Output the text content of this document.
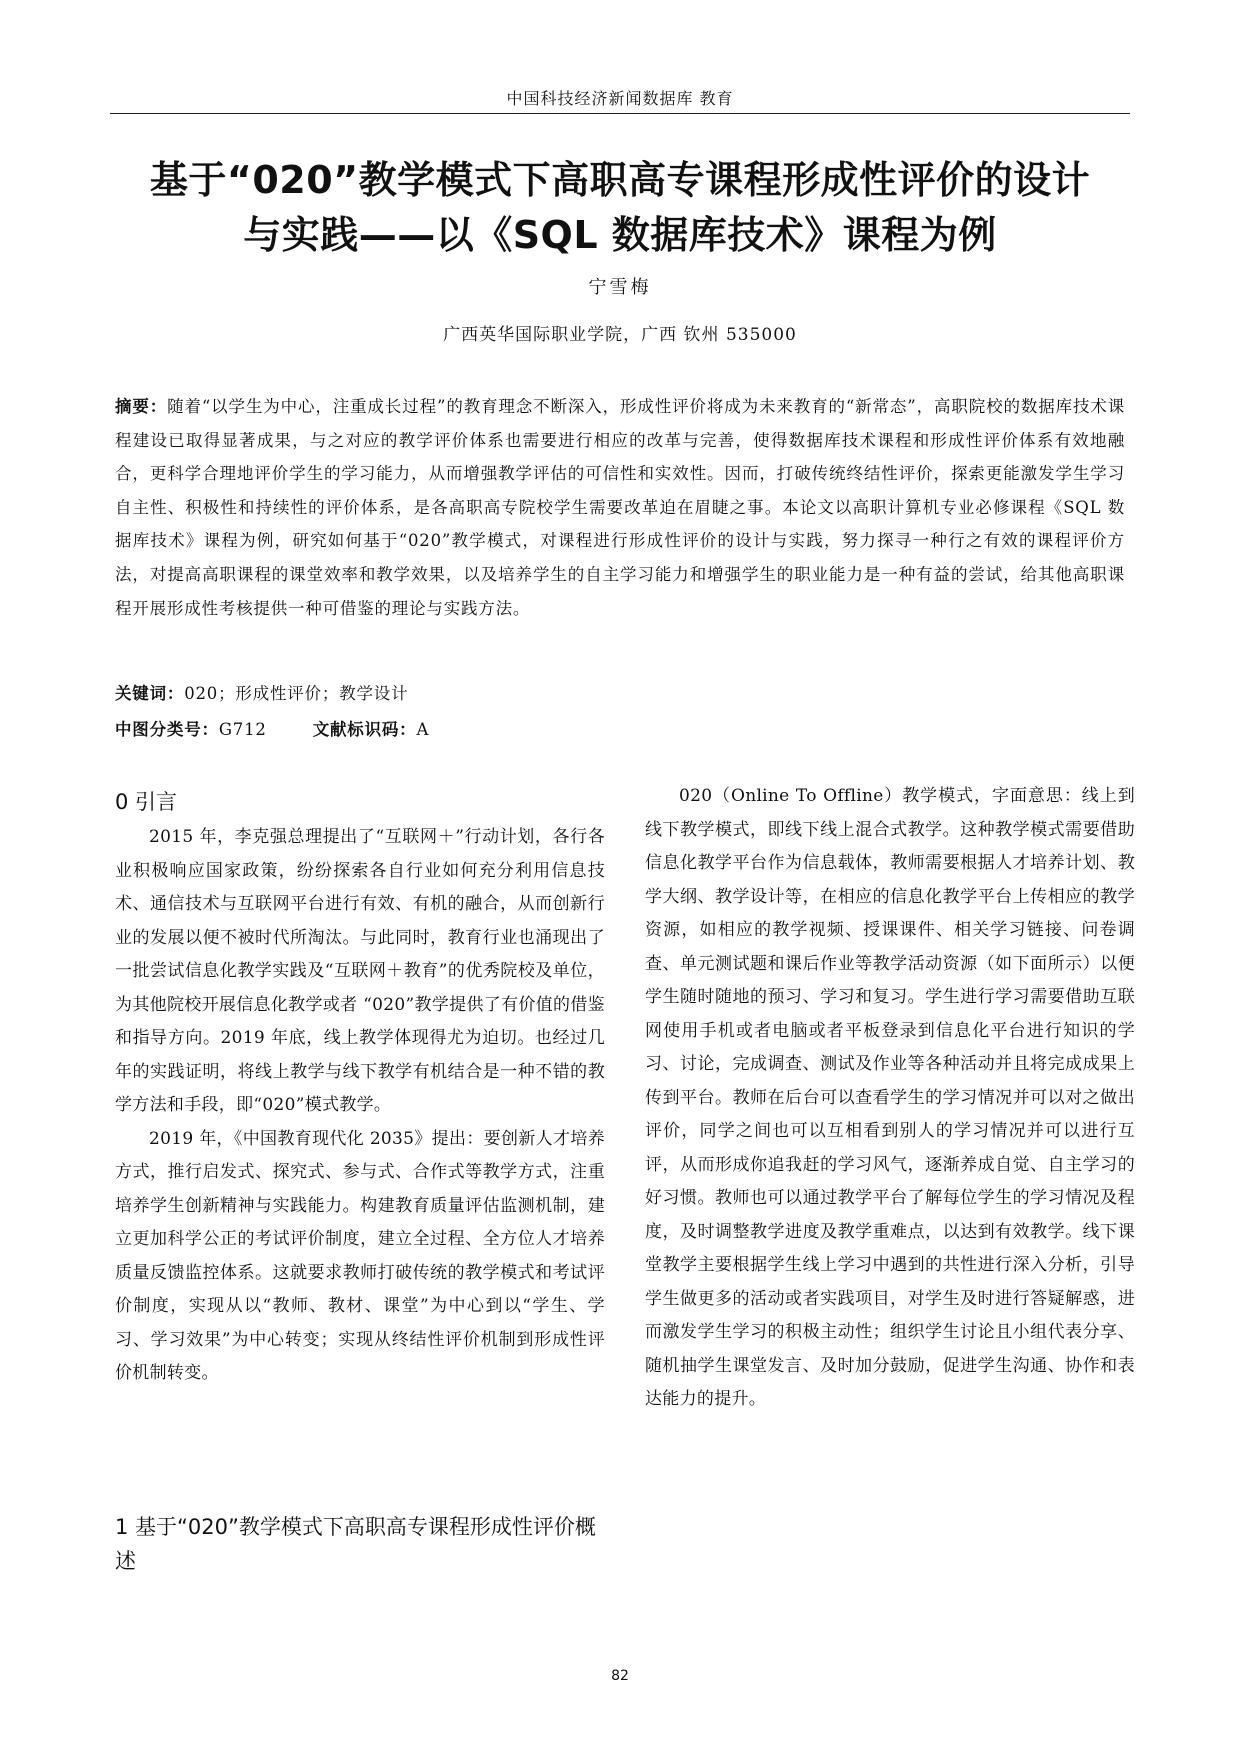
中国科技经济新闻数据库 教育
基于“020”教学模式下高职高专课程形成性评价的设计
与实践——以《SQL 数据库技术》课程为例
宁雪梅
广西英华国际职业学院，广西 钦州 535000
摘要：随着“以学生为中心，注重成长过程”的教育理念不断深入，形成性评价将成为未来教育的“新常态”，高职院校的数据库技术课程建设已取得显著成果，与之对应的教学评价体系也需要进行相应的改革与完善，使得数据库技术课程和形成性评价体系有效地融合，更科学合理地评价学生的学习能力，从而增强教学评估的可信性和实效性。因而，打破传统终结性评价，探索更能激发学生学习自主性、积极性和持续性的评价体系，是各高职高专院校学生需要改革迫在眉睫之事。本论文以高职计算机专业必修课程《SQL 数据库技术》课程为例，研究如何基于“020”教学模式，对课程进行形成性评价的设计与实践，努力探寻一种行之有效的课程评价方法，对提高高职课程的课堂效率和教学效果，以及培养学生的自主学习能力和增强学生的职业能力是一种有益的尝试，给其他高职课程开展形成性考核提供一种可借鉴的理论与实践方法。
关键词：020；形成性评价；教学设计
中图分类号：G712	文献标识码：A
0 引言

2015 年，李克强总理提出了“互联网＋”行动计划，各行各业积极响应国家政策，纷纷探索各自行业如何充分利用信息技术、通信技术与互联网平台进行有效、有机的融合，从而创新行业的发展以便不被时代所淘汰。与此同时，教育行业也涌现出了一批尝试信息化教学实践及“互联网＋教育”的优秀院校及单位，为其他院校开展信息化教学或者 “020”教学提供了有价值的借鉴和指导方向。2019 年底，线上教学体现得尤为迫切。也经过几年的实践证明，将线上教学与线下教学有机结合是一种不错的教学方法和手段，即“020”模式教学。

2019 年，《中国教育现代化 2035》提出：要创新人才培养方式，推行启发式、探究式、参与式、合作式等教学方式，注重培养学生创新精神与实践能力。构建教育质量评估监测机制，建立更加科学公正的考试评价制度，建立全过程、全方位人才培养质量反馈监控体系。这就要求教师打破传统的教学模式和考试评价制度，实现从以“教师、教材、课堂”为中心到以“学生、学习、学习效果”为中心转变；实现从终结性评价机制到形成性评价机制转变。

1 基于“020”教学模式下高职高专课程形成性评价概述

020（Online To Offline）教学模式，字面意思：线上到线下教学模式，即线下线上混合式教学。这种教学模式需要借助信息化教学平台作为信息载体，教师需要根据人才培养计划、教学大纲、教学设计等，在相应的信息化教学平台上传相应的教学资源，如相应的教学视频、授课课件、相关学习链接、问卷调查、单元测试题和课后作业等教学活动资源（如下面所示）以便学生随时随地的预习、学习和复习。学生进行学习需要借助互联网使用手机或者电脑或者平板登录到信息化平台进行知识的学习、讨论，完成调查、测试及作业等各种活动并且将完成成果上传到平台。教师在后台可以查看学生的学习情况并可以对之做出评价，同学之间也可以互相看到别人的学习情况并可以进行互评，从而形成你追我赶的学习风气，逐渐养成自觉、自主学习的好习惯。教师也可以通过教学平台了解每位学生的学习情况及程度，及时调整教学进度及教学重难点，以达到有效教学。线下课堂教学主要根据学生线上学习中遇到的共性进行深入分析，引导学生做更多的活动或者实践项目，对学生及时进行答疑解惑，进而激发学生学习的积极主动性；组织学生讨论且小组代表分享、随机抽学生课堂发言、及时加分鼓励，促进学生沟通、协作和表达能力的提升。

82
